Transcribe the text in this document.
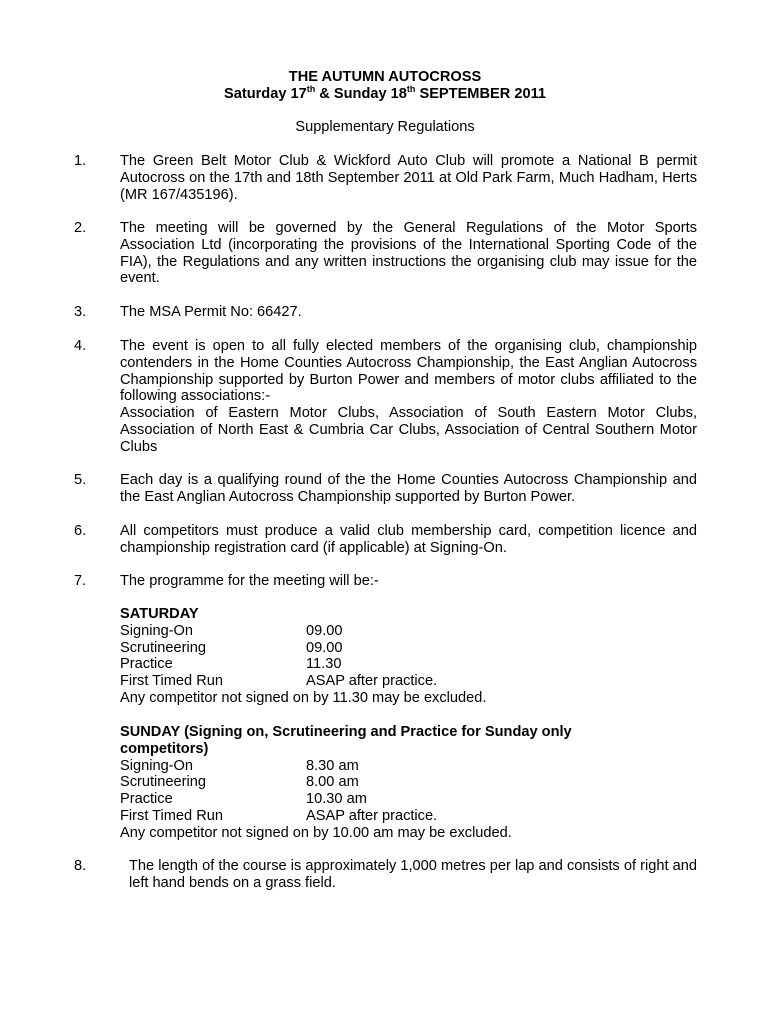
THE AUTUMN AUTOCROSS
Saturday 17th & Sunday 18th SEPTEMBER 2011
Supplementary Regulations
1. The Green Belt Motor Club & Wickford Auto Club will promote a National B permit Autocross on the 17th and 18th September 2011 at Old Park Farm, Much Hadham, Herts (MR 167/435196).

2. The meeting will be governed by the General Regulations of the Motor Sports Association Ltd (incorporating the provisions of the International Sporting Code of the FIA), the Regulations and any written instructions the organising club may issue for the event.

3. The MSA Permit No: 66427.

4. The event is open to all fully elected members of the organising club, championship contenders in the Home Counties Autocross Championship, the East Anglian Autocross Championship supported by Burton Power and members of motor clubs affiliated to the following associations:-

Association of Eastern Motor Clubs, Association of South Eastern Motor Clubs, Association of North East & Cumbria Car Clubs, Association of Central Southern Motor Clubs

5. Each day is a qualifying round of the the Home Counties Autocross Championship and the East Anglian Autocross Championship supported by Burton Power.

6. All competitors must produce a valid club membership card, competition licence and championship registration card (if applicable) at Signing-On.

7. The programme for the meeting will be:-

SATURDAY
Signing-On	09.00
Scrutineering	09.00
Practice	11.30
First Timed Run	ASAP after practice.
Any competitor not signed on by 11.30 may be excluded.
SUNDAY (Signing on, Scrutineering and Practice for Sunday only
competitors)
Signing-On	8.30 am
Scrutineering	8.00 am
Practice	10.30 am
First Timed Run	ASAP after practice.
Any competitor not signed on by 10.00 am may be excluded.
8.	The length of the course is approximately 1,000 metres per lap and consists of right and left hand bends on a grass field.
